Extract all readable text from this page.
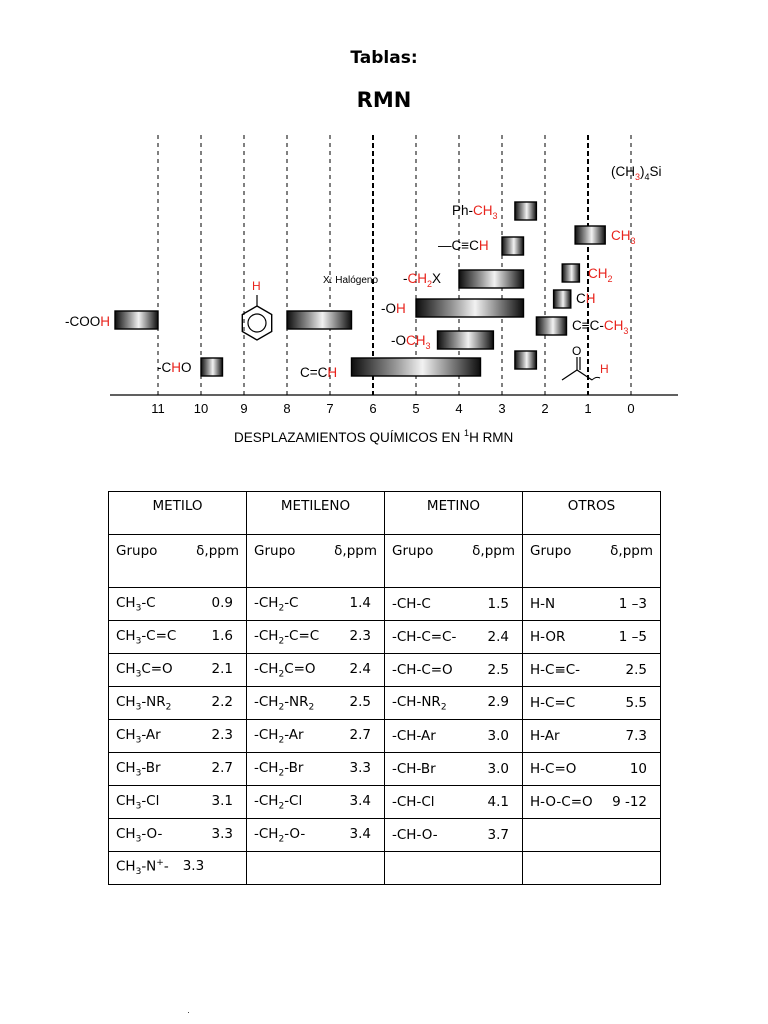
Tablas:
RMN
11 10 9	8	7	6	5	4	3	2	1	0
$(CH_3)_4Si$
$Ph-CH_3$
—C≡CH
$CH_3$
X: Halógeno $-CH_2X$	$CH_2$
-OH
CH
-COOH
H
$C\equiv C-CH_3$
$-OCH_3$	O
H
-CHO	C=CH
DESPLAZAMIENTOS QUÍMICOS EN $^1$H RMN
METILO	METILENO	METINO	OTROS

Grupo δ,ppm	Grupo δ,ppm	Grupo δ,ppm	Grupo δ,ppm

$CH_3-C$ 0.9	$-CH_2-C$ 1.4	-CH-C 1.5	H-N 1 –3

$CH_3-C=C$ 1.6	$-CH_2-C=C$ 2.3	-CH-C=C- 2.4	H-OR 1 –5

$CH_3C=O$ 2.1	$-CH_2C=O$ 2.4	-CH-C=O 2.5	H-C≡C- 2.5

$CH_3-NR_2$ 2.2	$-CH_2-NR_2$ 2.5	$-CH-NR_2$ 2.9	H-C=C 5.5

$CH_3-Ar$ 2.3	$-CH_2-Ar$ 2.7	-CH-Ar 3.0	H-Ar 7.3

$CH_3-Br$ 2.7	$-CH_2-Br$ 3.3	-CH-Br 3.0	H-C=O 10

$CH_3-Cl$ 3.1	$-CH_2-Cl$ 3.4	-CH-Cl 4.1	H-O-C=O 9 -12

$CH_3-O-$ 3.3	$-CH_2-O-$ 3.4	-CH-O- 3.7	

$CH_3-N^+-$ 3.3			
